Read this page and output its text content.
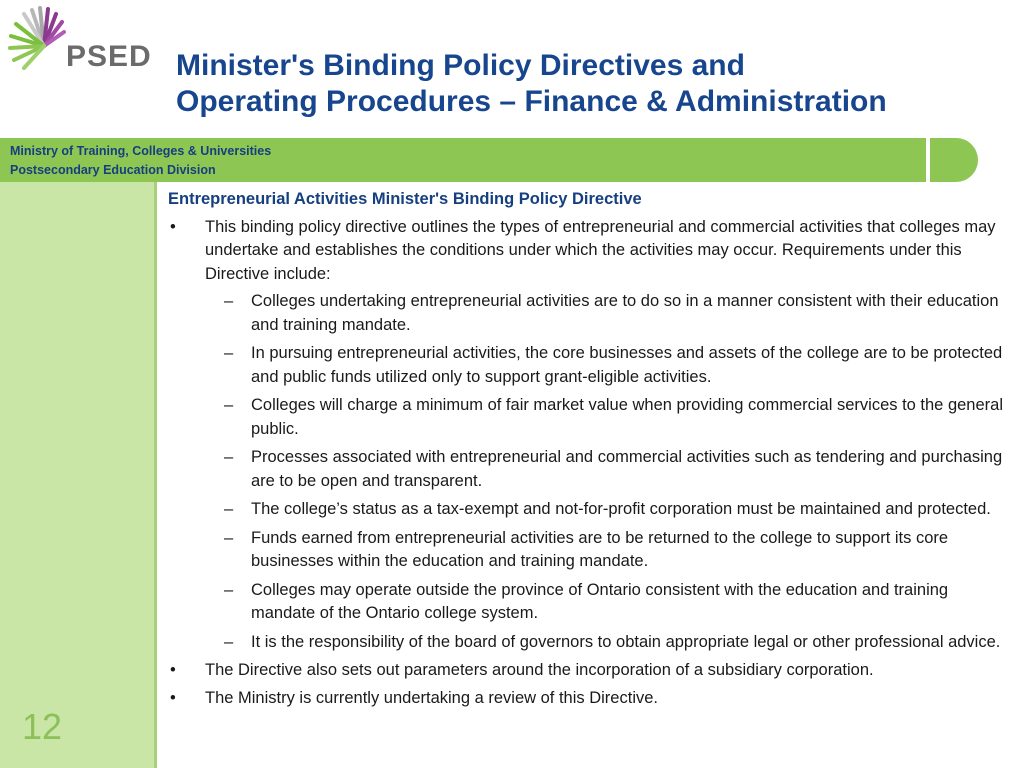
PSED Minister's Binding Policy Directives and
Operating Procedures – Finance & Administration
Ministry of Training, Colleges & Universities
Postsecondary Education Division
12

Entrepreneurial Activities Minister's Binding Policy Directive

• This binding policy directive outlines the types of entrepreneurial and commercial activities that colleges may undertake and establishes the conditions under which the activities may occur. Requirements under this Directive include:

– Colleges undertaking entrepreneurial activities are to do so in a manner consistent with their education and training mandate.

– In pursuing entrepreneurial activities, the core businesses and assets of the college are to be protected and public funds utilized only to support grant-eligible activities.

– Colleges will charge a minimum of fair market value when providing commercial services to the general public.

– Processes associated with entrepreneurial and commercial activities such as tendering and purchasing are to be open and transparent.

– The college’s status as a tax-exempt and not-for-profit corporation must be maintained and protected.

– Funds earned from entrepreneurial activities are to be returned to the college to support its core businesses within the education and training mandate.

– Colleges may operate outside the province of Ontario consistent with the education and training mandate of the Ontario college system.

– It is the responsibility of the board of governors to obtain appropriate legal or other professional advice.

• The Directive also sets out parameters around the incorporation of a subsidiary corporation.

• The Ministry is currently undertaking a review of this Directive.
